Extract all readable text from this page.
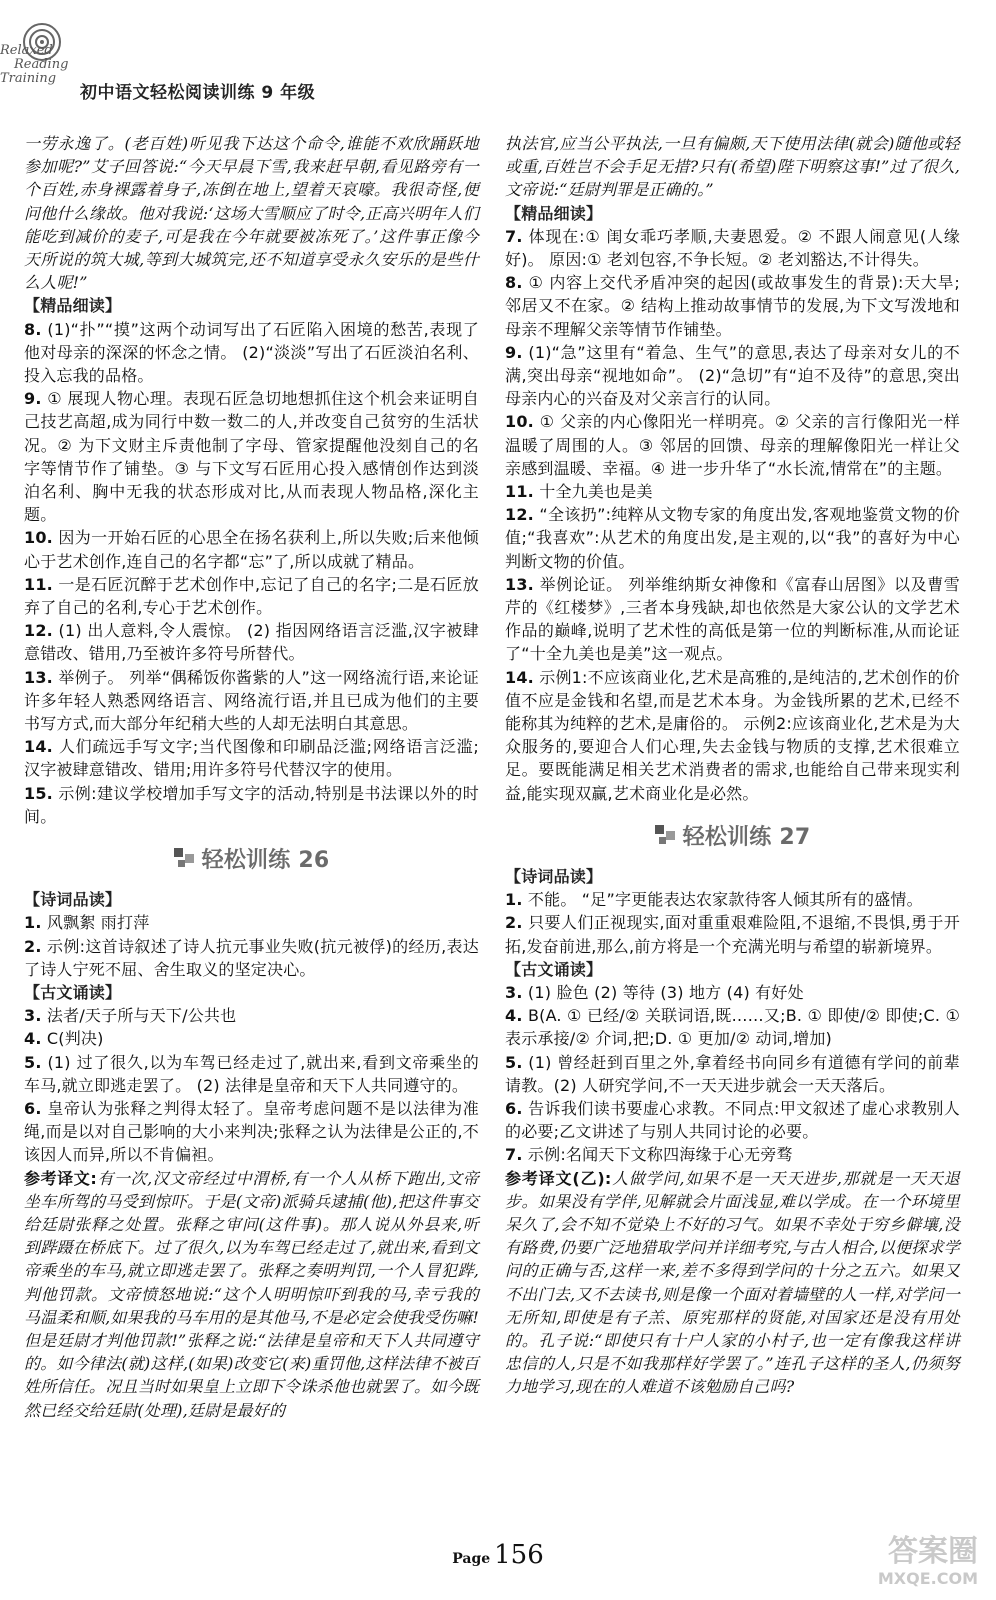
Relaxed
Reading
Training
初中语文轻松阅读训练 9 年级

一劳永逸了。(老百姓)听见我下达这个命令,谁能不欢欣踊跃地参加呢?”艾子回答说:“今天早晨下雪,我来赶早朝,看见路旁有一个百姓,赤身裸露着身子,冻倒在地上,望着天哀嚎。我很奇怪,便问他什么缘故。他对我说:‘这场大雪顺应了时令,正高兴明年人们能吃到减价的麦子,可是我在今年就要被冻死了。’这件事正像今天所说的筑大城,等到大城筑完,还不知道享受永久安乐的是些什么人呢!”

【精品细读】

8. (1)“扑”“摸”这两个动词写出了石匠陷入困境的愁苦,表现了他对母亲的深深的怀念之情。 (2)“淡淡”写出了石匠淡泊名利、投入忘我的品格。

9. ① 展现人物心理。表现石匠急切地想抓住这个机会来证明自己技艺高超,成为同行中数一数二的人,并改变自己贫穷的生活状况。② 为下文财主斥责他制了字母、管家提醒他没刻自己的名字等情节作了铺垫。③ 与下文写石匠用心投入感情创作达到淡泊名利、胸中无我的状态形成对比,从而表现人物品格,深化主题。

10. 因为一开始石匠的心思全在扬名获利上,所以失败;后来他倾心于艺术创作,连自己的名字都“忘”了,所以成就了精品。

11. 一是石匠沉醉于艺术创作中,忘记了自己的名字;二是石匠放弃了自己的名利,专心于艺术创作。

12. (1) 出人意料,令人震惊。 (2) 指因网络语言泛滥,汉字被肆意错改、错用,乃至被许多符号所替代。

13. 举例子。 列举“偶稀饭你酱紫的人”这一网络流行语,来论证许多年轻人熟悉网络语言、网络流行语,并且已成为他们的主要书写方式,而大部分年纪稍大些的人却无法明白其意思。

14. 人们疏远手写文字;当代图像和印刷品泛滥;网络语言泛滥;汉字被肆意错改、错用;用许多符号代替汉字的使用。

15. 示例:建议学校增加手写文字的活动,特别是书法课以外的时间。

轻松训练 26
【诗词品读】

1. 风飘絮 雨打萍

2. 示例:这首诗叙述了诗人抗元事业失败(抗元被俘)的经历,表达了诗人宁死不屈、舍生取义的坚定决心。

【古文诵读】

3. 法者/天子所与天下/公共也

4. C(判决)

5. (1) 过了很久,以为车驾已经走过了,就出来,看到文帝乘坐的车马,就立即逃走罢了。 (2) 法律是皇帝和天下人共同遵守的。

6. 皇帝认为张释之判得太轻了。皇帝考虑问题不是以法律为准绳,而是以对自己影响的大小来判决;张释之认为法律是公正的,不该因人而异,所以不肯偏袒。

参考译文:有一次,汉文帝经过中渭桥,有一个人从桥下跑出,文帝坐车所驾的马受到惊吓。于是(文帝)派骑兵逮捕(他),把这件事交给廷尉张释之处置。张释之审问(这件事)。那人说从外县来,听到跸蹑在桥底下。过了很久,以为车驾已经走过了,就出来,看到文帝乘坐的车马,就立即逃走罢了。张释之奏明判罚,一个人冒犯跸,判他罚款。文帝愤怒地说:“这个人明明惊吓到我的马,幸亏我的马温柔和顺,如果我的马车用的是其他马,不是必定会使我受伤嘛!但是廷尉才判他罚款!”张释之说:“法律是皇帝和天下人共同遵守的。如今律法(就)这样,(如果)改变它(来)重罚他,这样法律不被百姓所信任。况且当时如果皇上立即下令诛杀他也就罢了。如今既然已经交给廷尉(处理),廷尉是最好的

执法官,应当公平执法,一旦有偏颇,天下使用法律(就会)随他或轻或重,百姓岂不会手足无措?只有(希望)陛下明察这事!”过了很久,文帝说:“廷尉判罪是正确的。”

【精品细读】

7. 体现在:① 闺女乖巧孝顺,夫妻恩爱。② 不跟人闹意见(人缘好)。 原因:① 老刘包容,不争长短。② 老刘豁达,不计得失。

8. ① 内容上交代矛盾冲突的起因(或故事发生的背景):天大旱;邻居又不在家。② 结构上推动故事情节的发展,为下文写泼地和母亲不理解父亲等情节作铺垫。

9. (1)“急”这里有“着急、生气”的意思,表达了母亲对女儿的不满,突出母亲“视地如命”。 (2)“急切”有“迫不及待”的意思,突出母亲内心的兴奋及对父亲言行的认同。

10. ① 父亲的内心像阳光一样明亮。② 父亲的言行像阳光一样温暖了周围的人。③ 邻居的回馈、母亲的理解像阳光一样让父亲感到温暖、幸福。④ 进一步升华了“水长流,情常在”的主题。

11. 十全九美也是美

12. “全该扔”:纯粹从文物专家的角度出发,客观地鉴赏文物的价值;“我喜欢”:从艺术的角度出发,是主观的,以“我”的喜好为中心判断文物的价值。

13. 举例论证。 列举维纳斯女神像和《富春山居图》以及曹雪芹的《红楼梦》,三者本身残缺,却也依然是大家公认的文学艺术作品的巅峰,说明了艺术性的高低是第一位的判断标准,从而论证了“十全九美也是美”这一观点。

14. 示例1:不应该商业化,艺术是高雅的,是纯洁的,艺术创作的价值不应是金钱和名望,而是艺术本身。为金钱所累的艺术,已经不能称其为纯粹的艺术,是庸俗的。 示例2:应该商业化,艺术是为大众服务的,要迎合人们心理,失去金钱与物质的支撑,艺术很难立足。要既能满足相关艺术消费者的需求,也能给自己带来现实利益,能实现双赢,艺术商业化是必然。

轻松训练 27
【诗词品读】

1. 不能。 “足”字更能表达农家款待客人倾其所有的盛情。

2. 只要人们正视现实,面对重重艰难险阻,不退缩,不畏惧,勇于开拓,发奋前进,那么,前方将是一个充满光明与希望的崭新境界。

【古文诵读】

3. (1) 脸色 (2) 等待 (3) 地方 (4) 有好处

4. B(A. ① 已经/② 关联词语,既……又;B. ① 即使/② 即使;C. ① 表示承接/② 介词,把;D. ① 更加/② 动词,增加)

5. (1) 曾经赶到百里之外,拿着经书向同乡有道德有学问的前辈请教。(2) 人研究学问,不一天天进步就会一天天落后。

6. 告诉我们读书要虚心求教。不同点:甲文叙述了虚心求教别人的必要;乙文讲述了与别人共同讨论的必要。

7. 示例:名闻天下文称四海缘于心无旁骛

参考译文(乙):人做学问,如果不是一天天进步,那就是一天天退步。如果没有学伴,见解就会片面浅显,难以学成。在一个环境里呆久了,会不知不觉染上不好的习气。如果不幸处于穷乡僻壤,没有路费,仍要广泛地猎取学问并详细考究,与古人相合,以便探求学问的正确与否,这样一来,差不多得到学问的十分之五六。如果又不出门去,又不去读书,则是像一个面对着墙壁的人一样,对学问一无所知,即使是有子羔、原宪那样的贤能,对国家还是没有用处的。孔子说:“即使只有十户人家的小村子,也一定有像我这样讲忠信的人,只是不如我那样好学罢了。”连孔子这样的圣人,仍须努力地学习,现在的人难道不该勉励自己吗?

Page 156	答案圈
MXQE.COM
